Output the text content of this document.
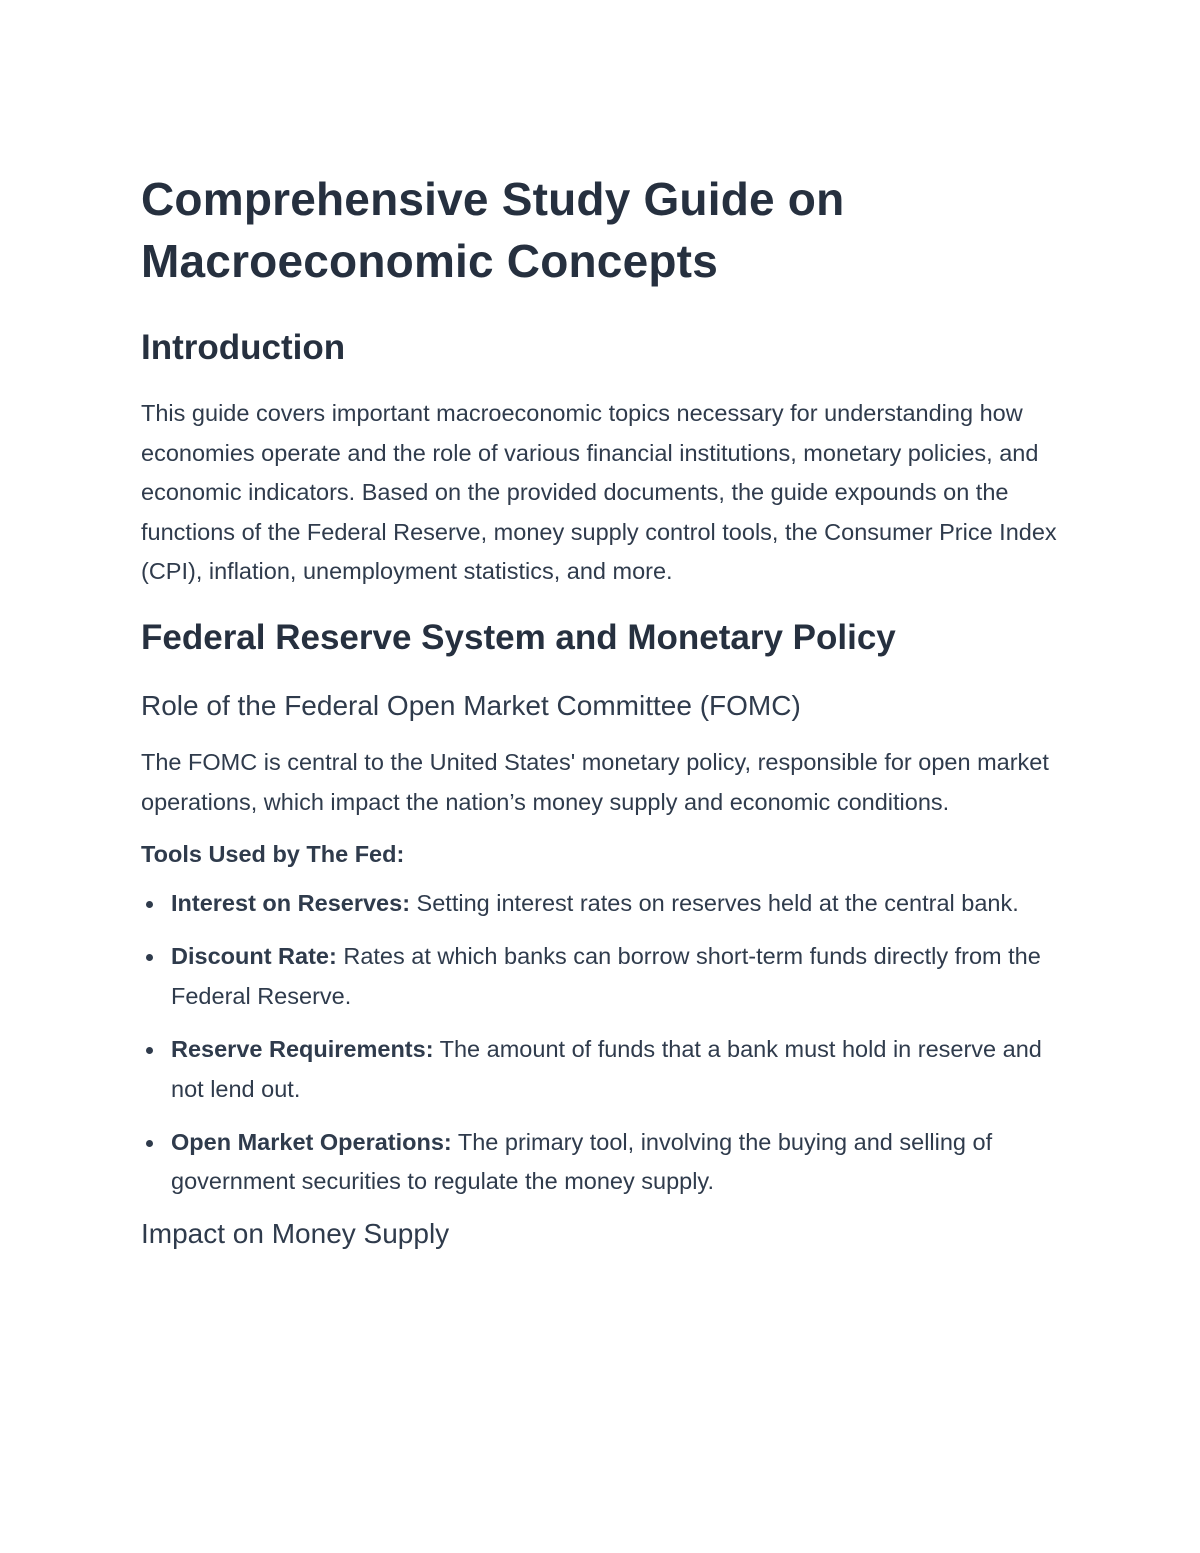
Comprehensive Study Guide on Macroeconomic Concepts
Introduction

This guide covers important macroeconomic topics necessary for understanding how economies operate and the role of various financial institutions, monetary policies, and economic indicators. Based on the provided documents, the guide expounds on the functions of the Federal Reserve, money supply control tools, the Consumer Price Index (CPI), inflation, unemployment statistics, and more.

Federal Reserve System and Monetary Policy
Role of the Federal Open Market Committee (FOMC)

The FOMC is central to the United States' monetary policy, responsible for open market operations, which impact the nation’s money supply and economic conditions.

Tools Used by The Fed:
Interest on Reserves: Setting interest rates on reserves held at the central bank.
Discount Rate: Rates at which banks can borrow short-term funds directly from the Federal Reserve.
Reserve Requirements: The amount of funds that a bank must hold in reserve and not lend out.
Open Market Operations: The primary tool, involving the buying and selling of government securities to regulate the money supply.
Impact on Money Supply
